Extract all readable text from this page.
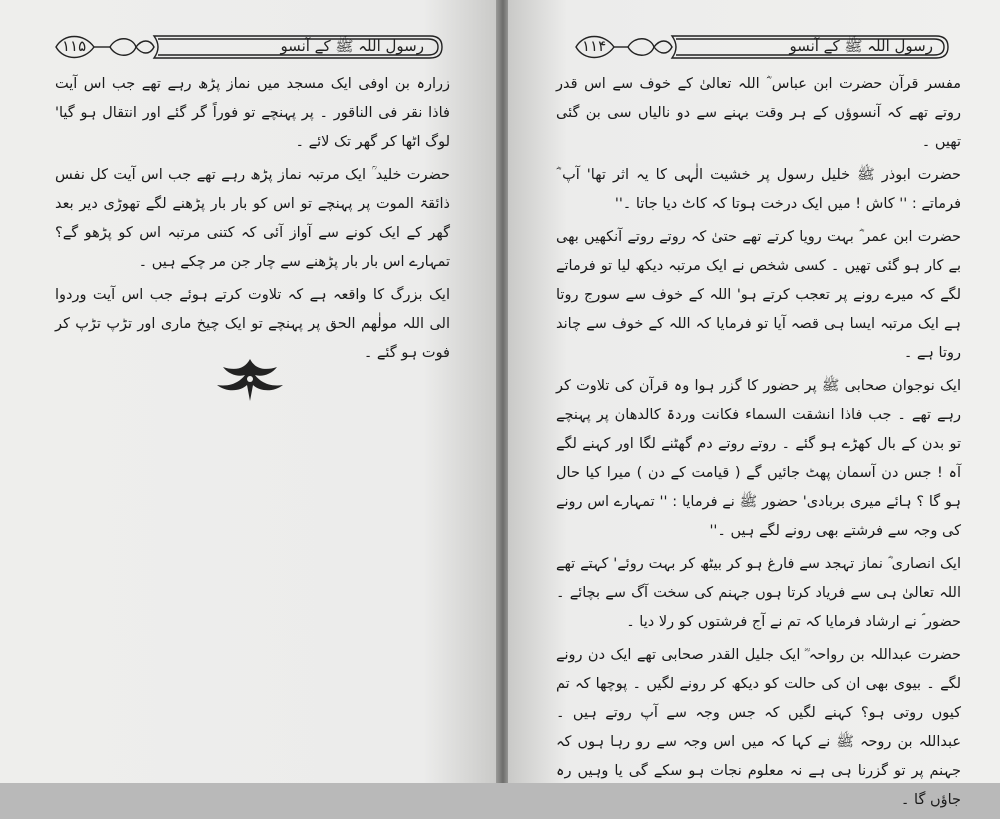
۱۱۵	رسول اللہ ﷺ کے آنسو

زرارہ بن اوفی ایک مسجد میں نماز پڑھ رہے تھے جب اس آیت فاذا نقر فی الناقور ۔ پر پہنچے تو فوراً گر گئے اور انتقال ہو گیا' لوگ اٹھا کر گھر تک لائے ۔

حضرت خلید ؒ ایک مرتبہ نماز پڑھ رہے تھے جب اس آیت کل نفس ذائقۃ الموت پر پہنچے تو اس کو بار بار پڑھنے لگے تھوڑی دیر بعد گھر کے ایک کونے سے آواز آئی کہ کتنی مرتبہ اس کو پڑھو گے؟ تمہارے اس بار بار پڑھنے سے چار جن مر چکے ہیں ۔

ایک بزرگ کا واقعہ ہے کہ تلاوت کرتے ہوئے جب اس آیت وردوا الی اللہ مولٰھم الحق پر پہنچے تو ایک چیخ ماری اور تڑپ تڑپ کر فوت ہو گئے ۔

۱۱۴	رسول اللہ ﷺ کے آنسو

مفسر قرآن حضرت ابن عباس ؓ اللہ تعالیٰ کے خوف سے اس قدر روتے تھے کہ آنسوؤں کے ہر وقت بہنے سے دو نالیاں سی بن گئی تھیں ۔

حضرت ابوذر ﷺ خلیل رسول پر خشیت الٰہی کا یہ اثر تھا' آپ ؓ فرماتے : '' کاش ! میں ایک درخت ہوتا کہ کاٹ دیا جاتا ۔''

حضرت ابن عمر ؓ بہت رویا کرتے تھے حتیٰ کہ روتے روتے آنکھیں بھی بے کار ہو گئی تھیں ۔ کسی شخص نے ایک مرتبہ دیکھ لیا تو فرماتے لگے کہ میرے رونے پر تعجب کرتے ہو' اللہ کے خوف سے سورج روتا ہے ایک مرتبہ ایسا ہی قصہ آیا تو فرمایا کہ اللہ کے خوف سے چاند روتا ہے ۔

ایک نوجوان صحابی ﷺ پر حضور کا گزر ہوا وہ قرآن کی تلاوت کر رہے تھے ۔ جب فاذا انشقت السماء فکانت وردۃ کالدھان پر پہنچے تو بدن کے بال کھڑے ہو گئے ۔ روتے روتے دم گھٹنے لگا اور کہنے لگے آہ ! جس دن آسمان پھٹ جائیں گے ( قیامت کے دن ) میرا کیا حال ہو گا ؟ ہائے میری بربادی' حضور ﷺ نے فرمایا : '' تمہارے اس رونے کی وجہ سے فرشتے بھی رونے لگے ہیں ۔''

ایک انصاری ؓ نماز تہجد سے فارغ ہو کر بیٹھ کر بہت روئے' کہتے تھے اللہ تعالیٰ ہی سے فریاد کرتا ہوں جہنم کی سخت آگ سے بچائے ۔ حضور ؐ نے ارشاد فرمایا کہ تم نے آج فرشتوں کو رلا دیا ۔

حضرت عبداللہ بن رواحہ ؓ ایک جلیل القدر صحابی تھے ایک دن رونے لگے ۔ بیوی بھی ان کی حالت کو دیکھ کر رونے لگیں ۔ پوچھا کہ تم کیوں روتی ہو؟ کہنے لگیں کہ جس وجہ سے آپ روتے ہیں ۔ عبداللہ بن روحہ ﷺ نے کہا کہ میں اس وجہ سے رو رہا ہوں کہ جہنم پر تو گزرنا ہی ہے نہ معلوم نجات ہو سکے گی یا وہیں رہ جاؤں گا ۔
